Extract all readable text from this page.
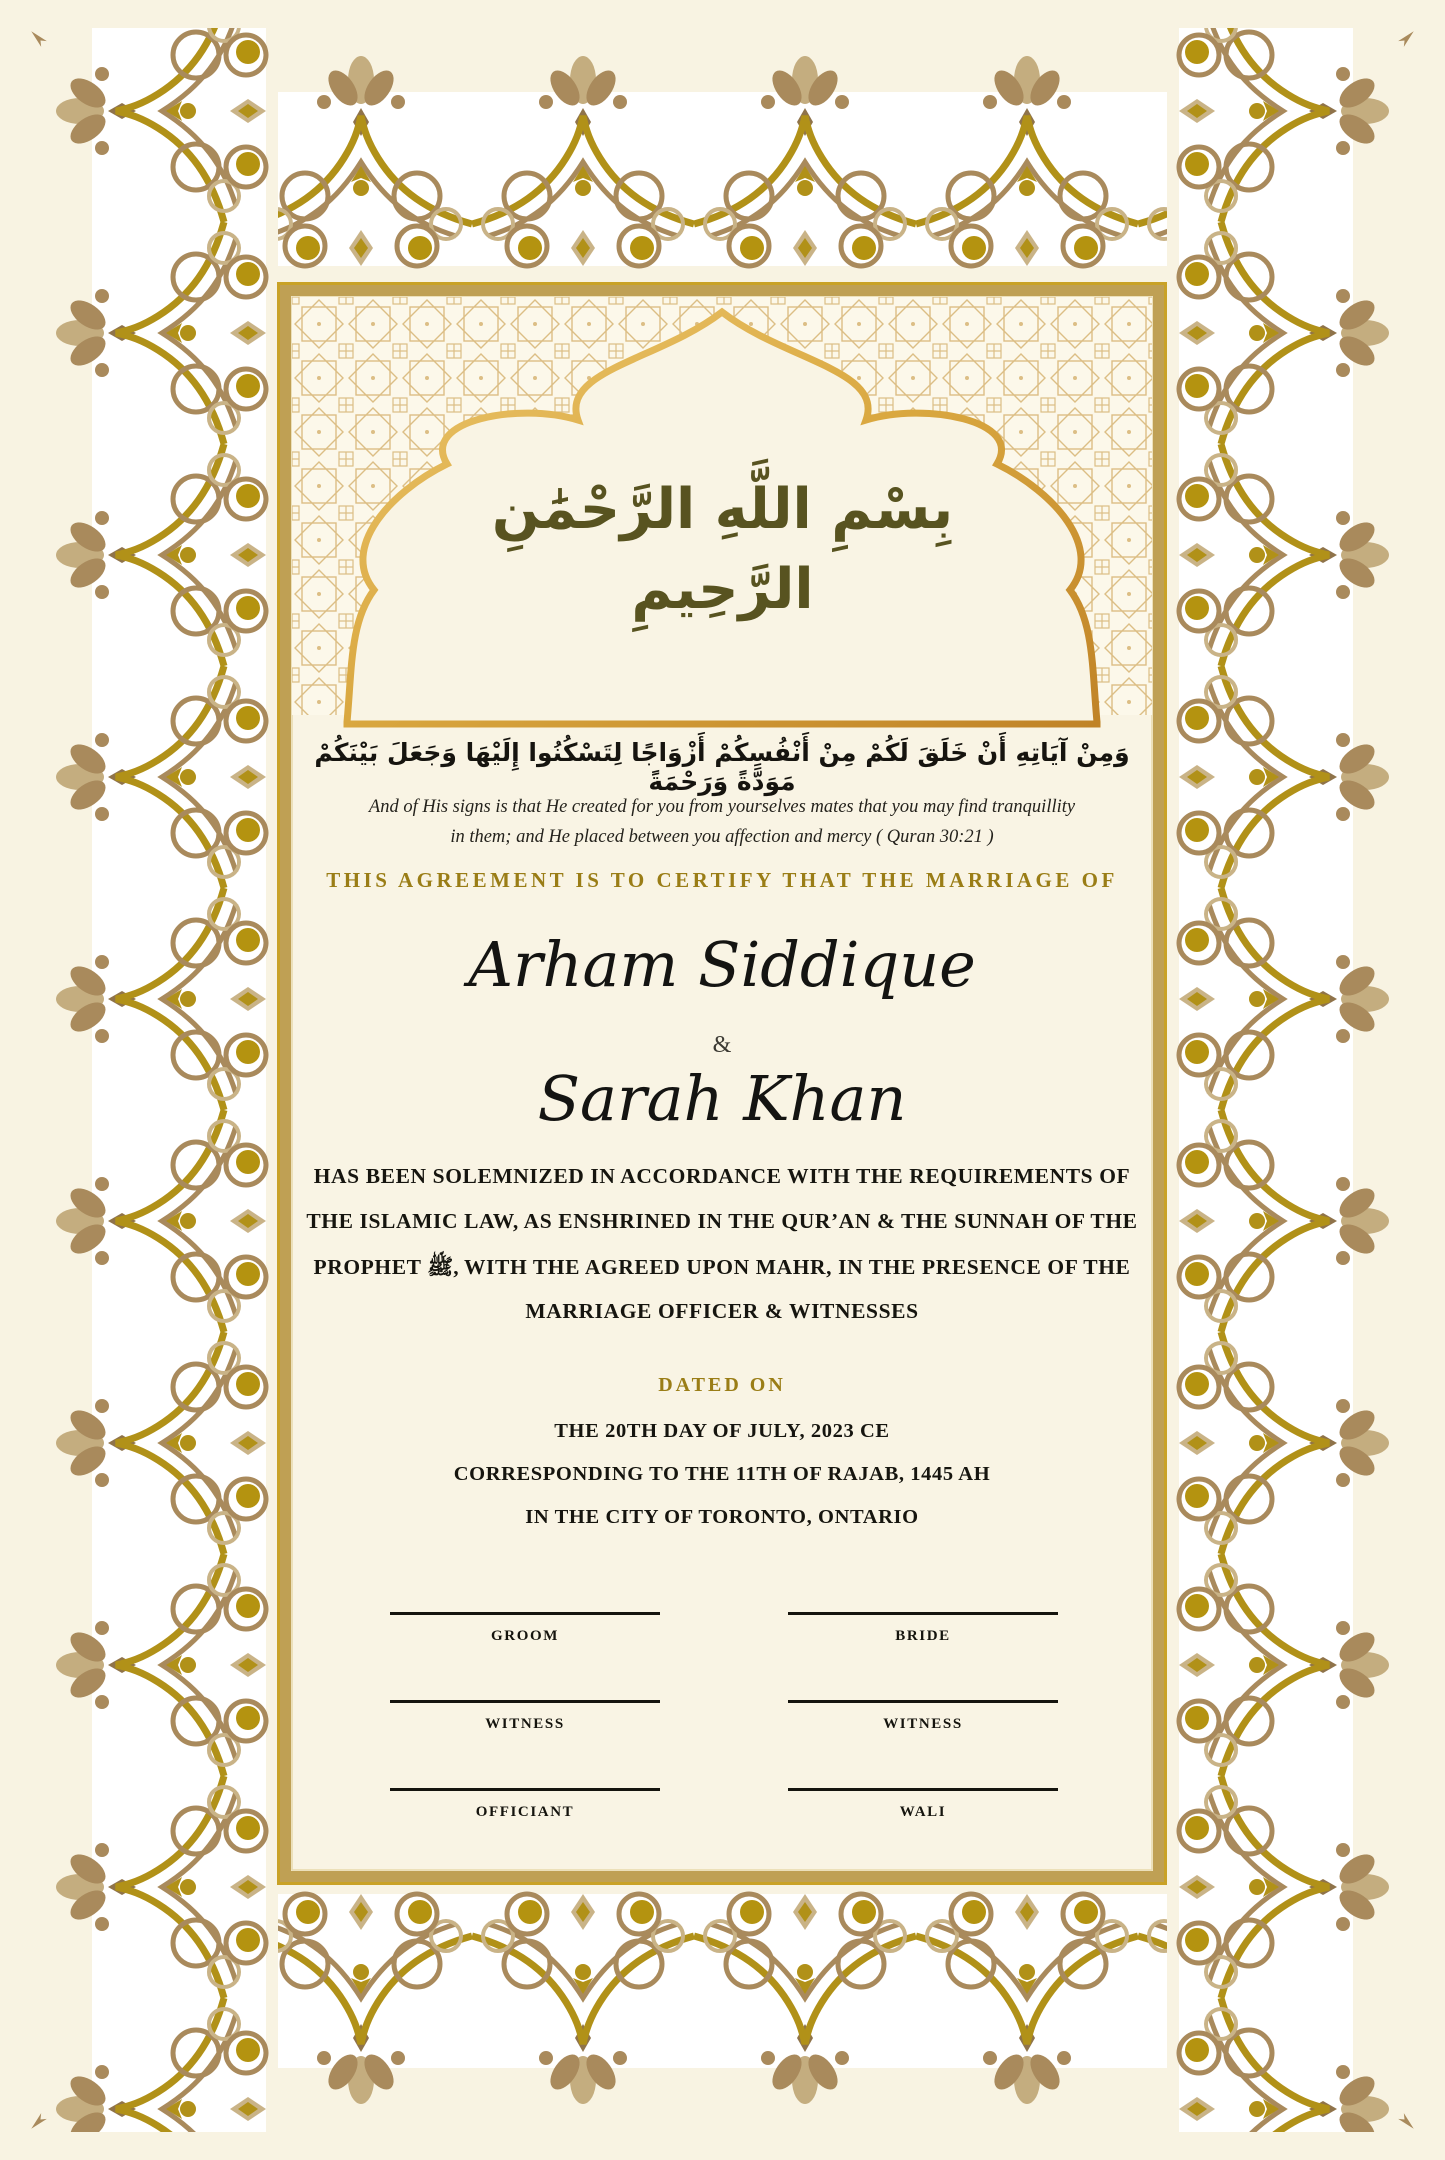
بِسْمِ اللَّهِ الرَّحْمَٰنِ الرَّحِيمِ
وَمِنْ آيَاتِهِ أَنْ خَلَقَ لَكُمْ مِنْ أَنْفُسِكُمْ أَزْوَاجًا لِتَسْكُنُوا إِلَيْهَا وَجَعَلَ بَيْنَكُمْ مَوَدَّةً وَرَحْمَةً
And of His signs is that He created for you from yourselves mates that you may find tranquillity in them; and He placed between you affection and mercy ( Quran 30:21 )
THIS AGREEMENT IS TO CERTIFY THAT THE MARRIAGE OF
Arham Siddique
&
Sarah Khan
HAS BEEN SOLEMNIZED IN ACCORDANCE WITH THE REQUIREMENTS OF
THE ISLAMIC LAW, AS ENSHRINED IN THE QUR’AN & THE SUNNAH OF THE
PROPHET ﷺ, WITH THE AGREED UPON MAHR, IN THE PRESENCE OF THE
MARRIAGE OFFICER & WITNESSES
DATED ON
THE 20TH DAY OF JULY, 2023 CE
CORRESPONDING TO THE 11TH OF RAJAB, 1445 AH
IN THE CITY OF TORONTO, ONTARIO
GROOM	BRIDE
WITNESS	WITNESS
OFFICIANT	WALI
